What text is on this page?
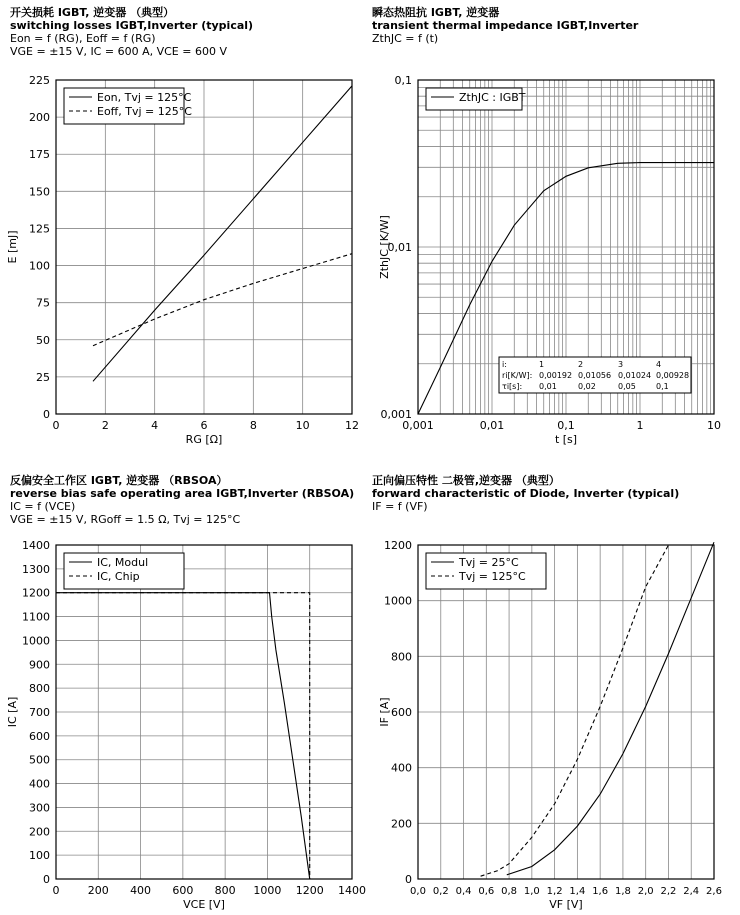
开关损耗 IGBT, 逆变器 （典型）
switching losses IGBT,Inverter (typical)
Eon = f (RG), Eoff = f (RG)
VGE = ±15 V, IC = 600 A, VCE = 600 V
瞬态热阻抗 IGBT, 逆变器
transient thermal impedance IGBT,Inverter
ZthJC = f (t)
反偏安全工作区 IGBT, 逆变器 （RBSOA）
reverse bias safe operating area IGBT,Inverter (RBSOA)
IC = f (VCE)
VGE = ±15 V, RGoff = 1.5 Ω, Tvj = 125°C
正向偏压特性 二极管,逆变器 （典型）
forward characteristic of Diode, Inverter (typical)
IF = f (VF)
0	2	4	6	8	10	12
0
25
50
75
100
125
150
175
200
225
RG [Ω]
E [mJ]
Eon, Tvj = 125°C
Eoff, Tvj = 125°C
0,001	0,01	0,1	1	10
0,001
0,01
0,1
t [s]
ZthJC [K/W]
ZthJC : IGBT
i:	1	2	3	4
ri[K/W]: 0,00192 0,01056 0,01024 0,00928
τi[s]: 0,01	0,02	0,05	0,1
0	200 400 600 800 1000 1200 1400
0
100
200
300
400
500
600
700
800
900
1000
1100
1200
1300
1400
VCE [V]
IC [A]
IC, Modul
IC, Chip
0,0 0,2 0,4 0,6 0,8 1,0 1,2 1,4 1,6 1,8 2,0 2,2 2,4 2,6
0
200
400
600
800
1000
1200
VF [V]
IF [A]
Tvj = 25°C
Tvj = 125°C
